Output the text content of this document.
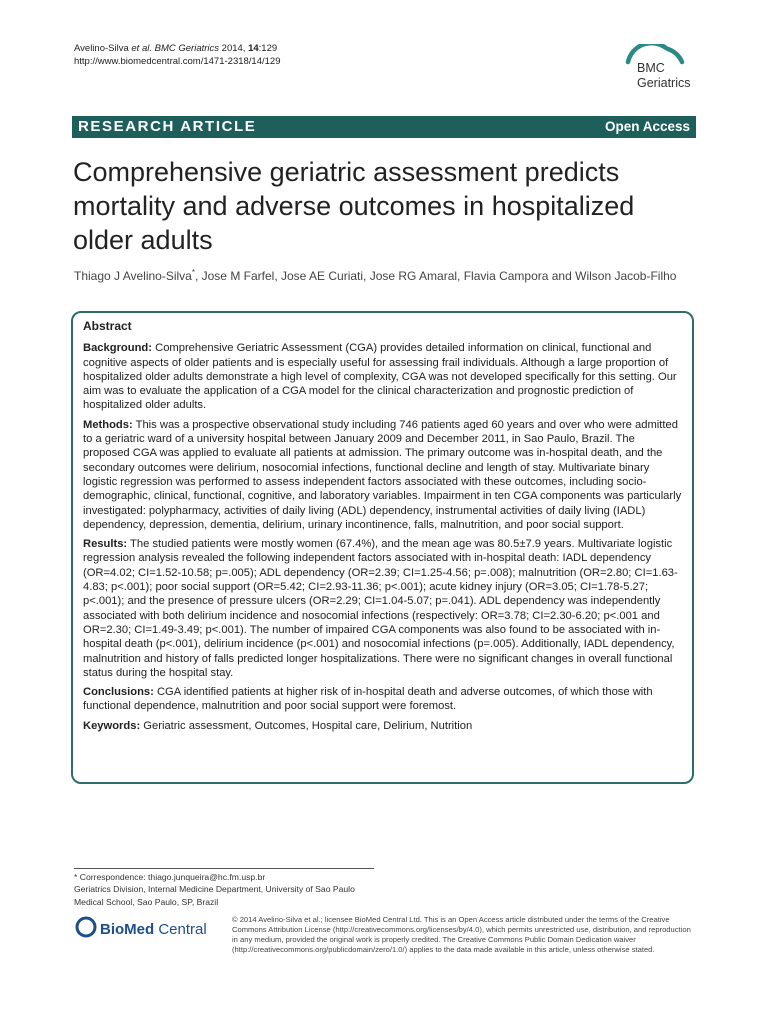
Avelino-Silva et al. BMC Geriatrics 2014, 14:129
http://www.biomedcentral.com/1471-2318/14/129	BMC
Geriatrics
RESEARCH ARTICLE	Open Access
Comprehensive geriatric assessment predicts mortality and adverse outcomes in hospitalized older adults
Thiago J Avelino-Silva*, Jose M Farfel, Jose AE Curiati, Jose RG Amaral, Flavia Campora and Wilson Jacob-Filho
Abstract

Background: Comprehensive Geriatric Assessment (CGA) provides detailed information on clinical, functional and cognitive aspects of older patients and is especially useful for assessing frail individuals. Although a large proportion of hospitalized older adults demonstrate a high level of complexity, CGA was not developed specifically for this setting. Our aim was to evaluate the application of a CGA model for the clinical characterization and prognostic prediction of hospitalized older adults.

Methods: This was a prospective observational study including 746 patients aged 60 years and over who were admitted to a geriatric ward of a university hospital between January 2009 and December 2011, in Sao Paulo, Brazil. The proposed CGA was applied to evaluate all patients at admission. The primary outcome was in-hospital death, and the secondary outcomes were delirium, nosocomial infections, functional decline and length of stay. Multivariate binary logistic regression was performed to assess independent factors associated with these outcomes, including socio-demographic, clinical, functional, cognitive, and laboratory variables. Impairment in ten CGA components was particularly investigated: polypharmacy, activities of daily living (ADL) dependency, instrumental activities of daily living (IADL) dependency, depression, dementia, delirium, urinary incontinence, falls, malnutrition, and poor social support.

Results: The studied patients were mostly women (67.4%), and the mean age was 80.5±7.9 years. Multivariate logistic regression analysis revealed the following independent factors associated with in-hospital death: IADL dependency (OR=4.02; CI=1.52-10.58; p=.005); ADL dependency (OR=2.39; CI=1.25-4.56; p=.008); malnutrition (OR=2.80; CI=1.63-4.83; p<.001); poor social support (OR=5.42; CI=2.93-11.36; p<.001); acute kidney injury (OR=3.05; CI=1.78-5.27; p<.001); and the presence of pressure ulcers (OR=2.29; CI=1.04-5.07; p=.041). ADL dependency was independently associated with both delirium incidence and nosocomial infections (respectively: OR=3.78; CI=2.30-6.20; p<.001 and OR=2.30; CI=1.49-3.49; p<.001). The number of impaired CGA components was also found to be associated with in-hospital death (p<.001), delirium incidence (p<.001) and nosocomial infections (p=.005). Additionally, IADL dependency, malnutrition and history of falls predicted longer hospitalizations. There were no significant changes in overall functional status during the hospital stay.

Conclusions: CGA identified patients at higher risk of in-hospital death and adverse outcomes, of which those with functional dependence, malnutrition and poor social support were foremost.

Keywords: Geriatric assessment, Outcomes, Hospital care, Delirium, Nutrition

* Correspondence: thiago.junqueira@hc.fm.usp.br
Geriatrics Division, Internal Medicine Department, University of Sao Paulo
Medical School, Sao Paulo, SP, Brazil
BioMed Central
© 2014 Avelino-Silva et al.; licensee BioMed Central Ltd. This is an Open Access article distributed under the terms of the Creative Commons Attribution License (http://creativecommons.org/licenses/by/4.0), which permits unrestricted use, distribution, and reproduction in any medium, provided the original work is properly credited. The Creative Commons Public Domain Dedication waiver (http://creativecommons.org/publicdomain/zero/1.0/) applies to the data made available in this article, unless otherwise stated.
